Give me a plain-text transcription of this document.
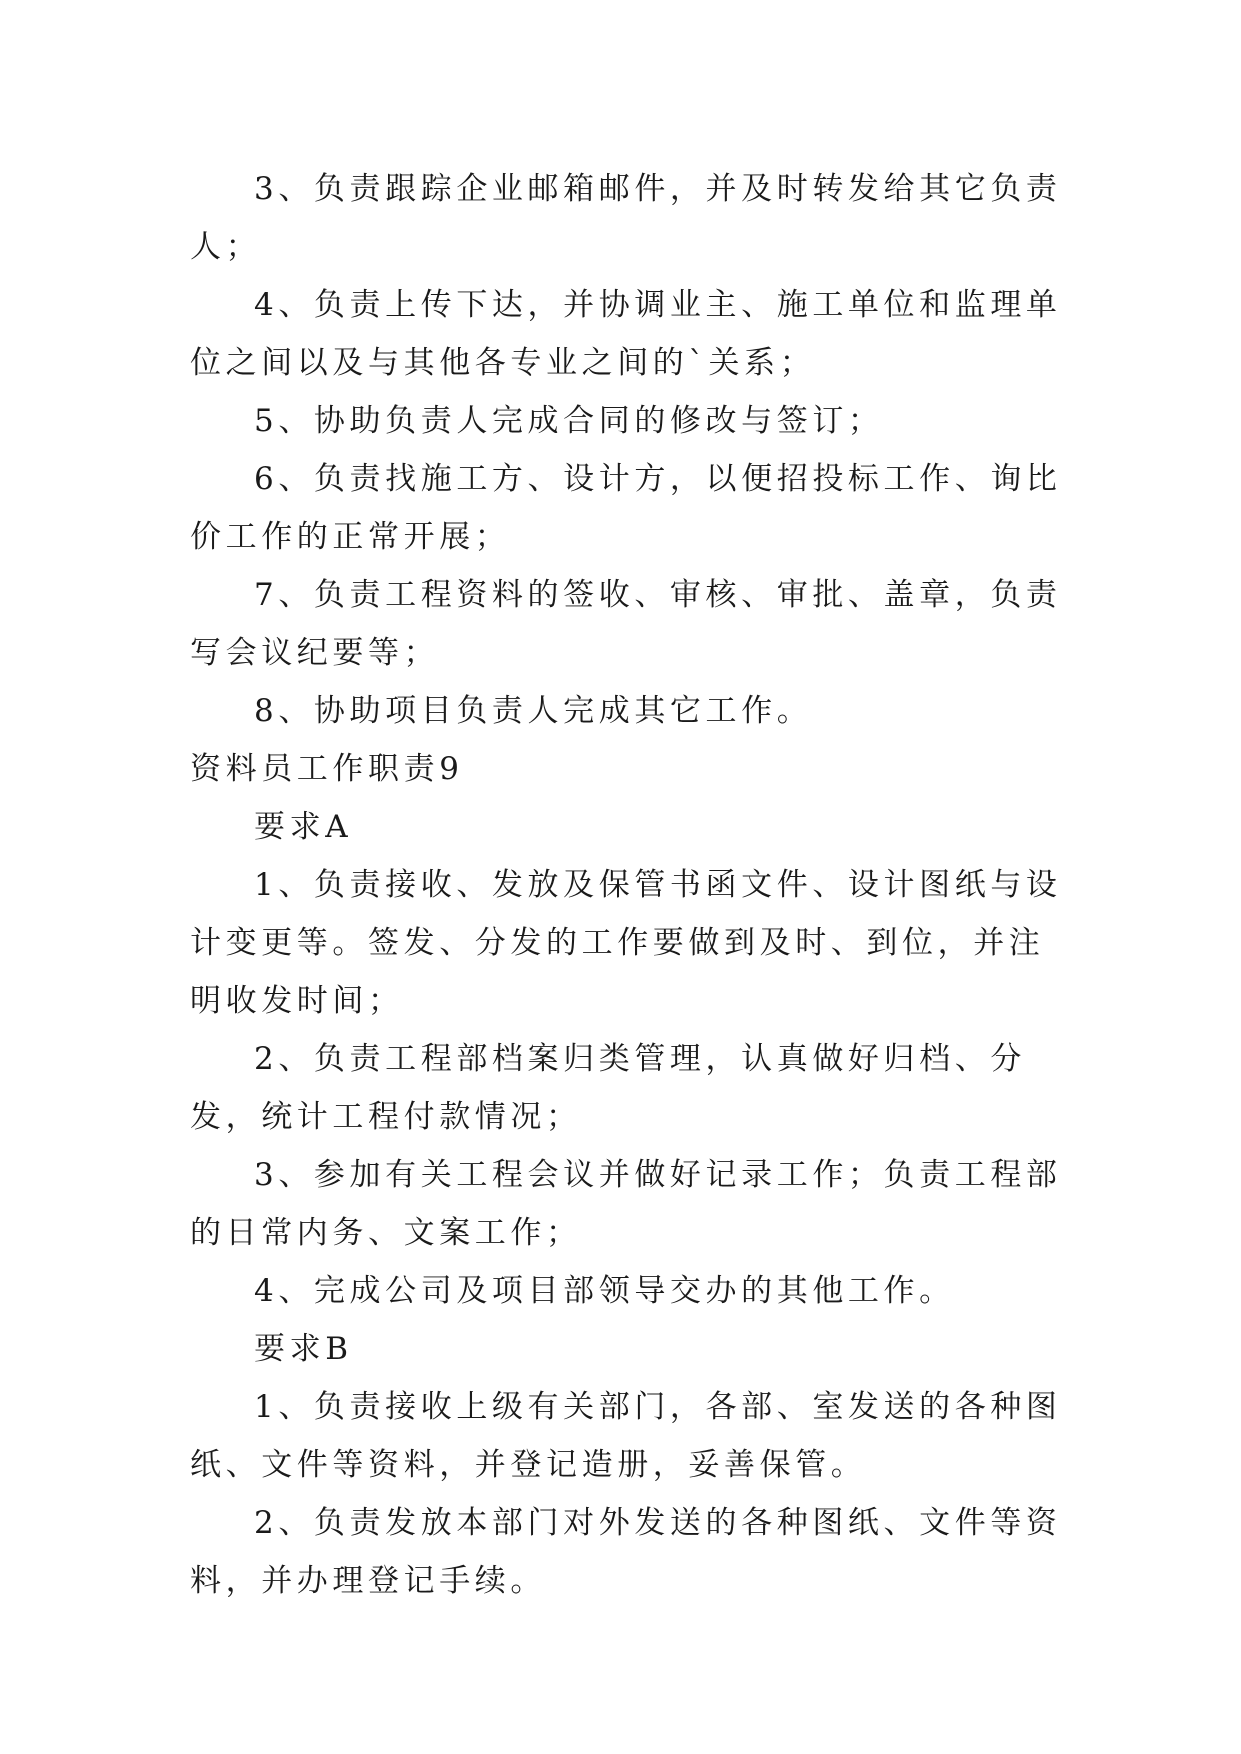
3、负责跟踪企业邮箱邮件，并及时转发给其它负责人；

4、负责上传下达，并协调业主、施工单位和监理单位之间以及与其他各专业之间的`关系；

5、协助负责人完成合同的修改与签订；

6、负责找施工方、设计方，以便招投标工作、询比价工作的正常开展；

7、负责工程资料的签收、审核、审批、盖章，负责写会议纪要等；

8、协助项目负责人完成其它工作。

资料员工作职责9

要求A

1、负责接收、发放及保管书函文件、设计图纸与设计变更等。签发、分发的工作要做到及时、到位，并注明收发时间；

2、负责工程部档案归类管理，认真做好归档、分发，统计工程付款情况；

3、参加有关工程会议并做好记录工作；负责工程部的日常内务、文案工作；

4、完成公司及项目部领导交办的其他工作。

要求B

1、负责接收上级有关部门，各部、室发送的各种图纸、文件等资料，并登记造册，妥善保管。

2、负责发放本部门对外发送的各种图纸、文件等资料，并办理登记手续。
